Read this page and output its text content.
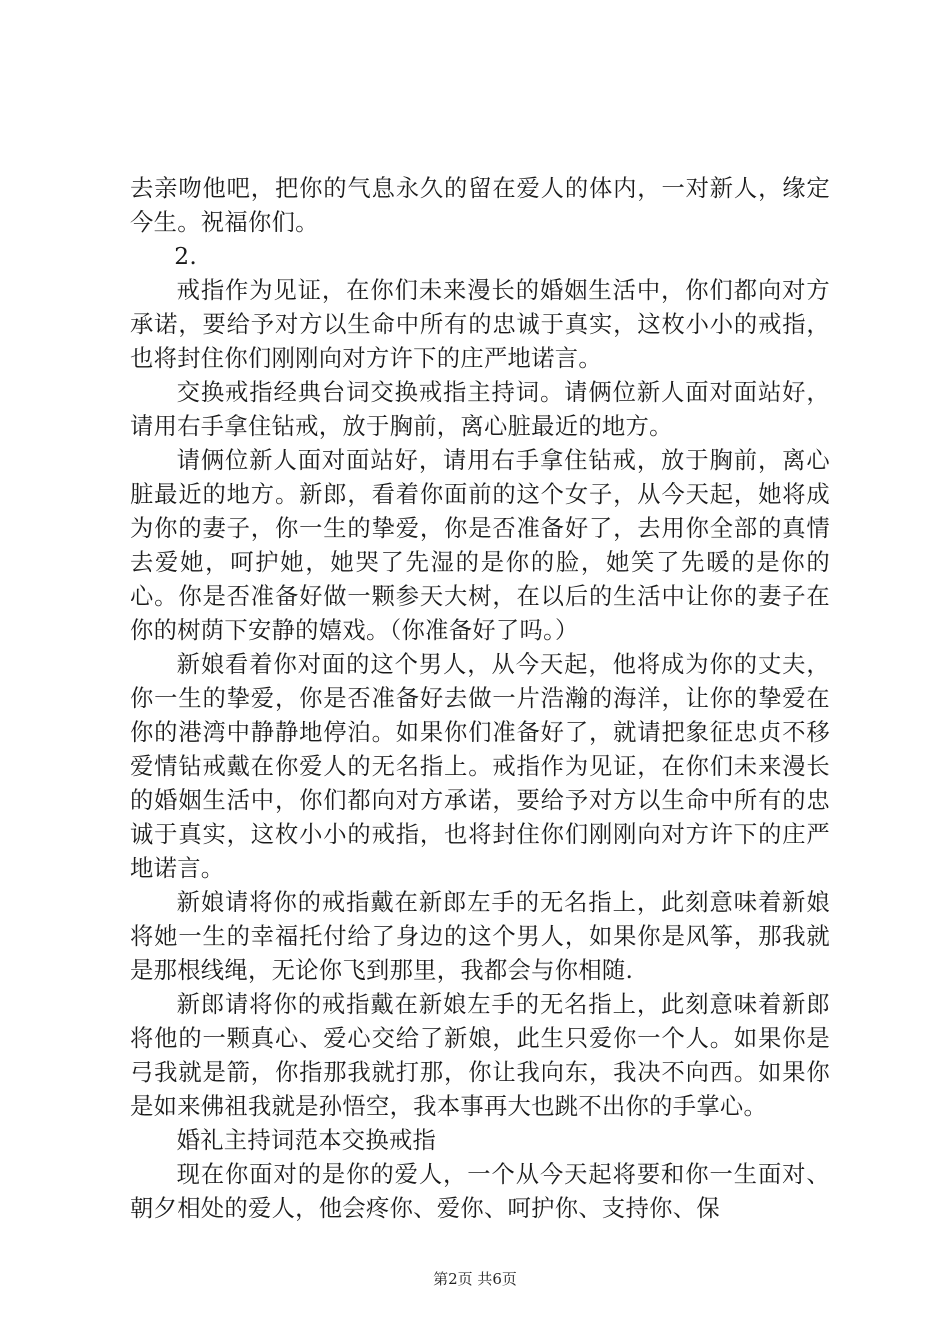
去亲吻他吧，把你的气息永久的留在爱人的体内，一对新人，缘定今生。祝福你们。

2.

戒指作为见证，在你们未来漫长的婚姻生活中，你们都向对方承诺，要给予对方以生命中所有的忠诚于真实，这枚小小的戒指，也将封住你们刚刚向对方许下的庄严地诺言。

交换戒指经典台词交换戒指主持词。请俩位新人面对面站好，请用右手拿住钻戒，放于胸前，离心脏最近的地方。

请俩位新人面对面站好，请用右手拿住钻戒，放于胸前，离心脏最近的地方。新郎，看着你面前的这个女子，从今天起，她将成为你的妻子，你一生的挚爱，你是否准备好了，去用你全部的真情去爱她，呵护她，她哭了先湿的是你的脸，她笑了先暖的是你的心。你是否准备好做一颗参天大树，在以后的生活中让你的妻子在你的树荫下安静的嬉戏。（你准备好了吗。）

新娘看着你对面的这个男人，从今天起，他将成为你的丈夫，你一生的挚爱，你是否准备好去做一片浩瀚的海洋，让你的挚爱在你的港湾中静静地停泊。如果你们准备好了，就请把象征忠贞不移爱情钻戒戴在你爱人的无名指上。戒指作为见证，在你们未来漫长的婚姻生活中，你们都向对方承诺，要给予对方以生命中所有的忠诚于真实，这枚小小的戒指，也将封住你们刚刚向对方许下的庄严地诺言。

新娘请将你的戒指戴在新郎左手的无名指上，此刻意味着新娘将她一生的幸福托付给了身边的这个男人，如果你是风筝，那我就是那根线绳，无论你飞到那里，我都会与你相随.

新郎请将你的戒指戴在新娘左手的无名指上，此刻意味着新郎将他的一颗真心、爱心交给了新娘，此生只爱你一个人。如果你是弓我就是箭，你指那我就打那，你让我向东，我决不向西。如果你是如来佛祖我就是孙悟空，我本事再大也跳不出你的手掌心。

婚礼主持词范本交换戒指

现在你面对的是你的爱人，一个从今天起将要和你一生面对、朝夕相处的爱人，他会疼你、爱你、呵护你、支持你、保

第2页 共6页
